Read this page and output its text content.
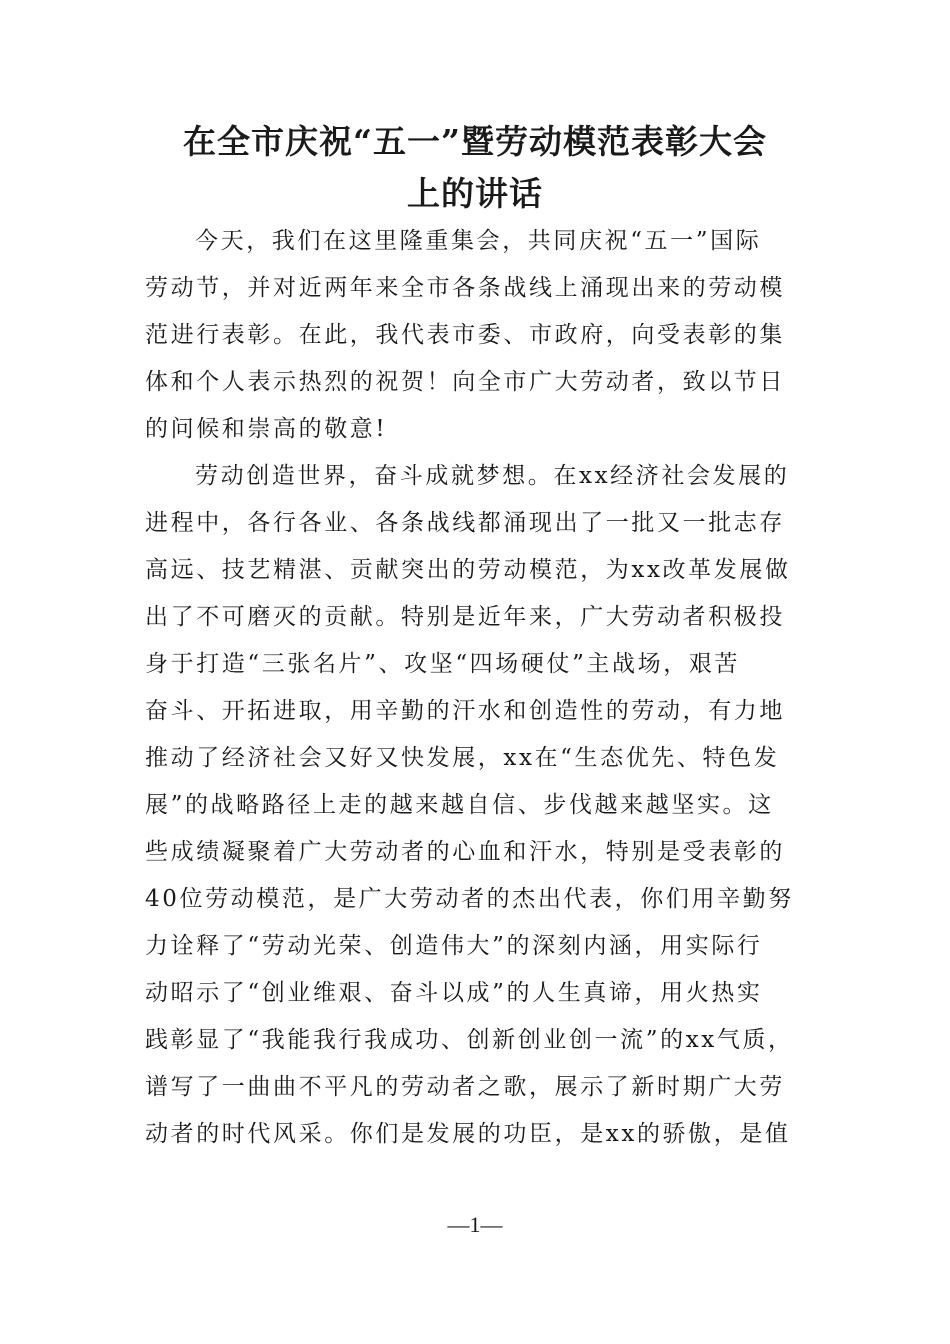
在全市庆祝“五一”暨劳动模范表彰大会
上的讲话

今天，我们在这里隆重集会，共同庆祝“五一”国际
劳动节，并对近两年来全市各条战线上涌现出来的劳动模
范进行表彰。在此，我代表市委、市政府，向受表彰的集
体和个人表示热烈的祝贺！向全市广大劳动者，致以节日
的问候和崇高的敬意!

劳动创造世界，奋斗成就梦想。在xx经济社会发展的
进程中，各行各业、各条战线都涌现出了一批又一批志存
高远、技艺精湛、贡献突出的劳动模范，为xx改革发展做
出了不可磨灭的贡献。特别是近年来，广大劳动者积极投
身于打造“三张名片”、攻坚“四场硬仗”主战场，艰苦
奋斗、开拓进取，用辛勤的汗水和创造性的劳动，有力地
推动了经济社会又好又快发展，xx在“生态优先、特色发
展”的战略路径上走的越来越自信、步伐越来越坚实。这
些成绩凝聚着广大劳动者的心血和汗水，特别是受表彰的
40位劳动模范，是广大劳动者的杰出代表，你们用辛勤努
力诠释了“劳动光荣、创造伟大”的深刻内涵，用实际行
动昭示了“创业维艰、奋斗以成”的人生真谛，用火热实
践彰显了“我能我行我成功、创新创业创一流”的xx气质，
谱写了一曲曲不平凡的劳动者之歌，展示了新时期广大劳
动者的时代风采。你们是发展的功臣，是xx的骄傲，是值

—1—
